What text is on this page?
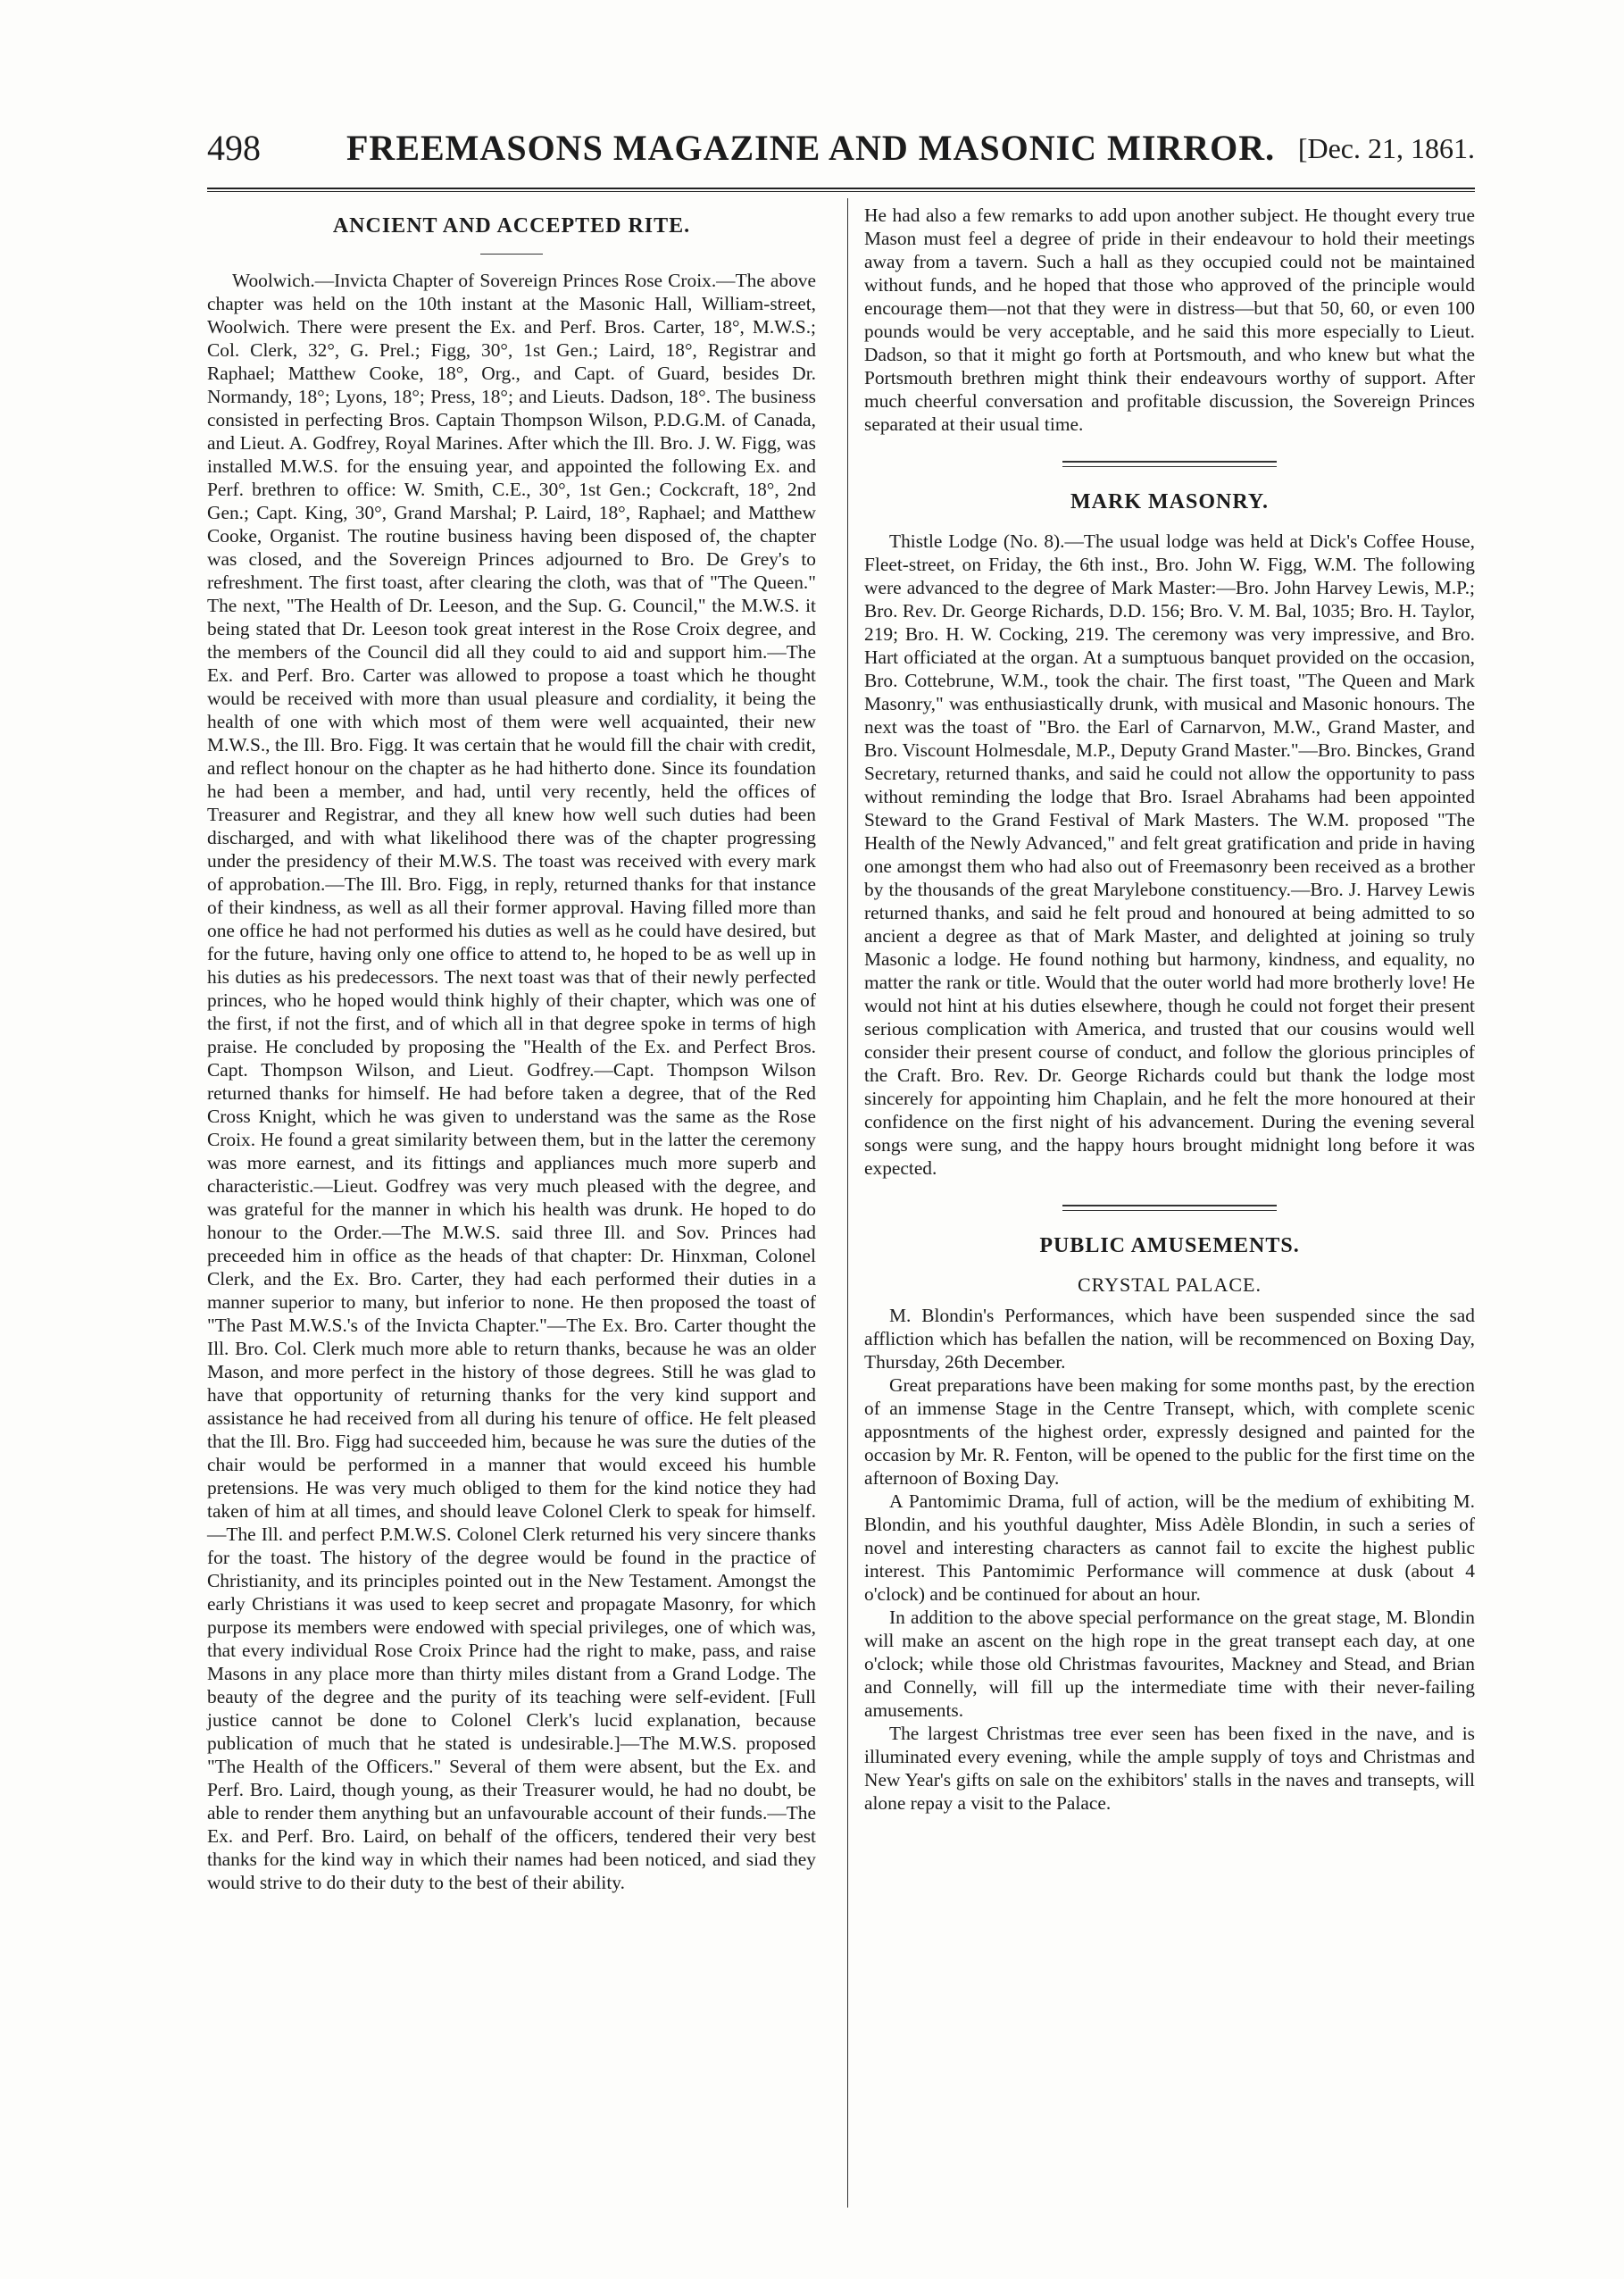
498 FREEMASONS MAGAZINE AND MASONIC MIRROR. [Dec. 21, 1861.
ANCIENT AND ACCEPTED RITE.

Woolwich.—Invicta Chapter of Sovereign Princes Rose Croix.—The above chapter was held on the 10th instant at the Masonic Hall, William-street, Woolwich. There were present the Ex. and Perf. Bros. Carter, 18°, M.W.S.; Col. Clerk, 32°, G. Prel.; Figg, 30°, 1st Gen.; Laird, 18°, Registrar and Raphael; Matthew Cooke, 18°, Org., and Capt. of Guard, besides Dr. Normandy, 18°; Lyons, 18°; Press, 18°; and Lieuts. Dadson, 18°. The business consisted in perfecting Bros. Captain Thompson Wilson, P.D.G.M. of Canada, and Lieut. A. Godfrey, Royal Marines. After which the Ill. Bro. J. W. Figg, was installed M.W.S. for the ensuing year, and appointed the following Ex. and Perf. brethren to office: W. Smith, C.E., 30°, 1st Gen.; Cockcraft, 18°, 2nd Gen.; Capt. King, 30°, Grand Marshal; P. Laird, 18°, Raphael; and Matthew Cooke, Organist. The routine business having been disposed of, the chapter was closed, and the Sovereign Princes adjourned to Bro. De Grey's to refreshment. The first toast, after clearing the cloth, was that of "The Queen." The next, "The Health of Dr. Leeson, and the Sup. G. Council," the M.W.S. it being stated that Dr. Leeson took great interest in the Rose Croix degree, and the members of the Council did all they could to aid and support him.—The Ex. and Perf. Bro. Carter was allowed to propose a toast which he thought would be received with more than usual pleasure and cordiality, it being the health of one with which most of them were well acquainted, their new M.W.S., the Ill. Bro. Figg. It was certain that he would fill the chair with credit, and reflect honour on the chapter as he had hitherto done. Since its foundation he had been a member, and had, until very recently, held the offices of Treasurer and Registrar, and they all knew how well such duties had been discharged, and with what likelihood there was of the chapter progressing under the presidency of their M.W.S. The toast was received with every mark of approbation.—The Ill. Bro. Figg, in reply, returned thanks for that instance of their kindness, as well as all their former approval. Having filled more than one office he had not performed his duties as well as he could have desired, but for the future, having only one office to attend to, he hoped to be as well up in his duties as his predecessors. The next toast was that of their newly perfected princes, who he hoped would think highly of their chapter, which was one of the first, if not the first, and of which all in that degree spoke in terms of high praise. He concluded by proposing the "Health of the Ex. and Perfect Bros. Capt. Thompson Wilson, and Lieut. Godfrey.—Capt. Thompson Wilson returned thanks for himself. He had before taken a degree, that of the Red Cross Knight, which he was given to understand was the same as the Rose Croix. He found a great similarity between them, but in the latter the ceremony was more earnest, and its fittings and appliances much more superb and characteristic.—Lieut. Godfrey was very much pleased with the degree, and was grateful for the manner in which his health was drunk. He hoped to do honour to the Order.—The M.W.S. said three Ill. and Sov. Princes had preceeded him in office as the heads of that chapter: Dr. Hinxman, Colonel Clerk, and the Ex. Bro. Carter, they had each performed their duties in a manner superior to many, but inferior to none. He then proposed the toast of "The Past M.W.S.'s of the Invicta Chapter."—The Ex. Bro. Carter thought the Ill. Bro. Col. Clerk much more able to return thanks, because he was an older Mason, and more perfect in the history of those degrees. Still he was glad to have that opportunity of returning thanks for the very kind support and assistance he had received from all during his tenure of office. He felt pleased that the Ill. Bro. Figg had succeeded him, because he was sure the duties of the chair would be performed in a manner that would exceed his humble pretensions. He was very much obliged to them for the kind notice they had taken of him at all times, and should leave Colonel Clerk to speak for himself.—The Ill. and perfect P.M.W.S. Colonel Clerk returned his very sincere thanks for the toast. The history of the degree would be found in the practice of Christianity, and its principles pointed out in the New Testament. Amongst the early Christians it was used to keep secret and propagate Masonry, for which purpose its members were endowed with special privileges, one of which was, that every individual Rose Croix Prince had the right to make, pass, and raise Masons in any place more than thirty miles distant from a Grand Lodge. The beauty of the degree and the purity of its teaching were self-evident. [Full justice cannot be done to Colonel Clerk's lucid explanation, because publication of much that he stated is undesirable.]—The M.W.S. proposed "The Health of the Officers." Several of them were absent, but the Ex. and Perf. Bro. Laird, though young, as their Treasurer would, he had no doubt, be able to render them anything but an unfavourable account of their funds.—The Ex. and Perf. Bro. Laird, on behalf of the officers, tendered their very best thanks for the kind way in which their names had been noticed, and siad they would strive to do their duty to the best of their ability.

He had also a few remarks to add upon another subject. He thought every true Mason must feel a degree of pride in their endeavour to hold their meetings away from a tavern. Such a hall as they occupied could not be maintained without funds, and he hoped that those who approved of the principle would encourage them—not that they were in distress—but that 50, 60, or even 100 pounds would be very acceptable, and he said this more especially to Lieut. Dadson, so that it might go forth at Portsmouth, and who knew but what the Portsmouth brethren might think their endeavours worthy of support. After much cheerful conversation and profitable discussion, the Sovereign Princes separated at their usual time.

MARK MASONRY.

Thistle Lodge (No. 8).—The usual lodge was held at Dick's Coffee House, Fleet-street, on Friday, the 6th inst., Bro. John W. Figg, W.M. The following were advanced to the degree of Mark Master:—Bro. John Harvey Lewis, M.P.; Bro. Rev. Dr. George Richards, D.D. 156; Bro. V. M. Bal, 1035; Bro. H. Taylor, 219; Bro. H. W. Cocking, 219. The ceremony was very impressive, and Bro. Hart officiated at the organ. At a sumptuous banquet provided on the occasion, Bro. Cottebrune, W.M., took the chair. The first toast, "The Queen and Mark Masonry," was enthusiastically drunk, with musical and Masonic honours. The next was the toast of "Bro. the Earl of Carnarvon, M.W., Grand Master, and Bro. Viscount Holmesdale, M.P., Deputy Grand Master."—Bro. Binckes, Grand Secretary, returned thanks, and said he could not allow the opportunity to pass without reminding the lodge that Bro. Israel Abrahams had been appointed Steward to the Grand Festival of Mark Masters. The W.M. proposed "The Health of the Newly Advanced," and felt great gratification and pride in having one amongst them who had also out of Freemasonry been received as a brother by the thousands of the great Marylebone constituency.—Bro. J. Harvey Lewis returned thanks, and said he felt proud and honoured at being admitted to so ancient a degree as that of Mark Master, and delighted at joining so truly Masonic a lodge. He found nothing but harmony, kindness, and equality, no matter the rank or title. Would that the outer world had more brotherly love! He would not hint at his duties elsewhere, though he could not forget their present serious complication with America, and trusted that our cousins would well consider their present course of conduct, and follow the glorious principles of the Craft. Bro. Rev. Dr. George Richards could but thank the lodge most sincerely for appointing him Chaplain, and he felt the more honoured at their confidence on the first night of his advancement. During the evening several songs were sung, and the happy hours brought midnight long before it was expected.

PUBLIC AMUSEMENTS.
CRYSTAL PALACE.

M. Blondin's Performances, which have been suspended since the sad affliction which has befallen the nation, will be recommenced on Boxing Day, Thursday, 26th December.

Great preparations have been making for some months past, by the erection of an immense Stage in the Centre Transept, which, with complete scenic apposntments of the highest order, expressly designed and painted for the occasion by Mr. R. Fenton, will be opened to the public for the first time on the afternoon of Boxing Day.

A Pantomimic Drama, full of action, will be the medium of exhibiting M. Blondin, and his youthful daughter, Miss Adèle Blondin, in such a series of novel and interesting characters as cannot fail to excite the highest public interest. This Pantomimic Performance will commence at dusk (about 4 o'clock) and be continued for about an hour.

In addition to the above special performance on the great stage, M. Blondin will make an ascent on the high rope in the great transept each day, at one o'clock; while those old Christmas favourites, Mackney and Stead, and Brian and Connelly, will fill up the intermediate time with their never-failing amusements.

The largest Christmas tree ever seen has been fixed in the nave, and is illuminated every evening, while the ample supply of toys and Christmas and New Year's gifts on sale on the exhibitors' stalls in the naves and transepts, will alone repay a visit to the Palace.
